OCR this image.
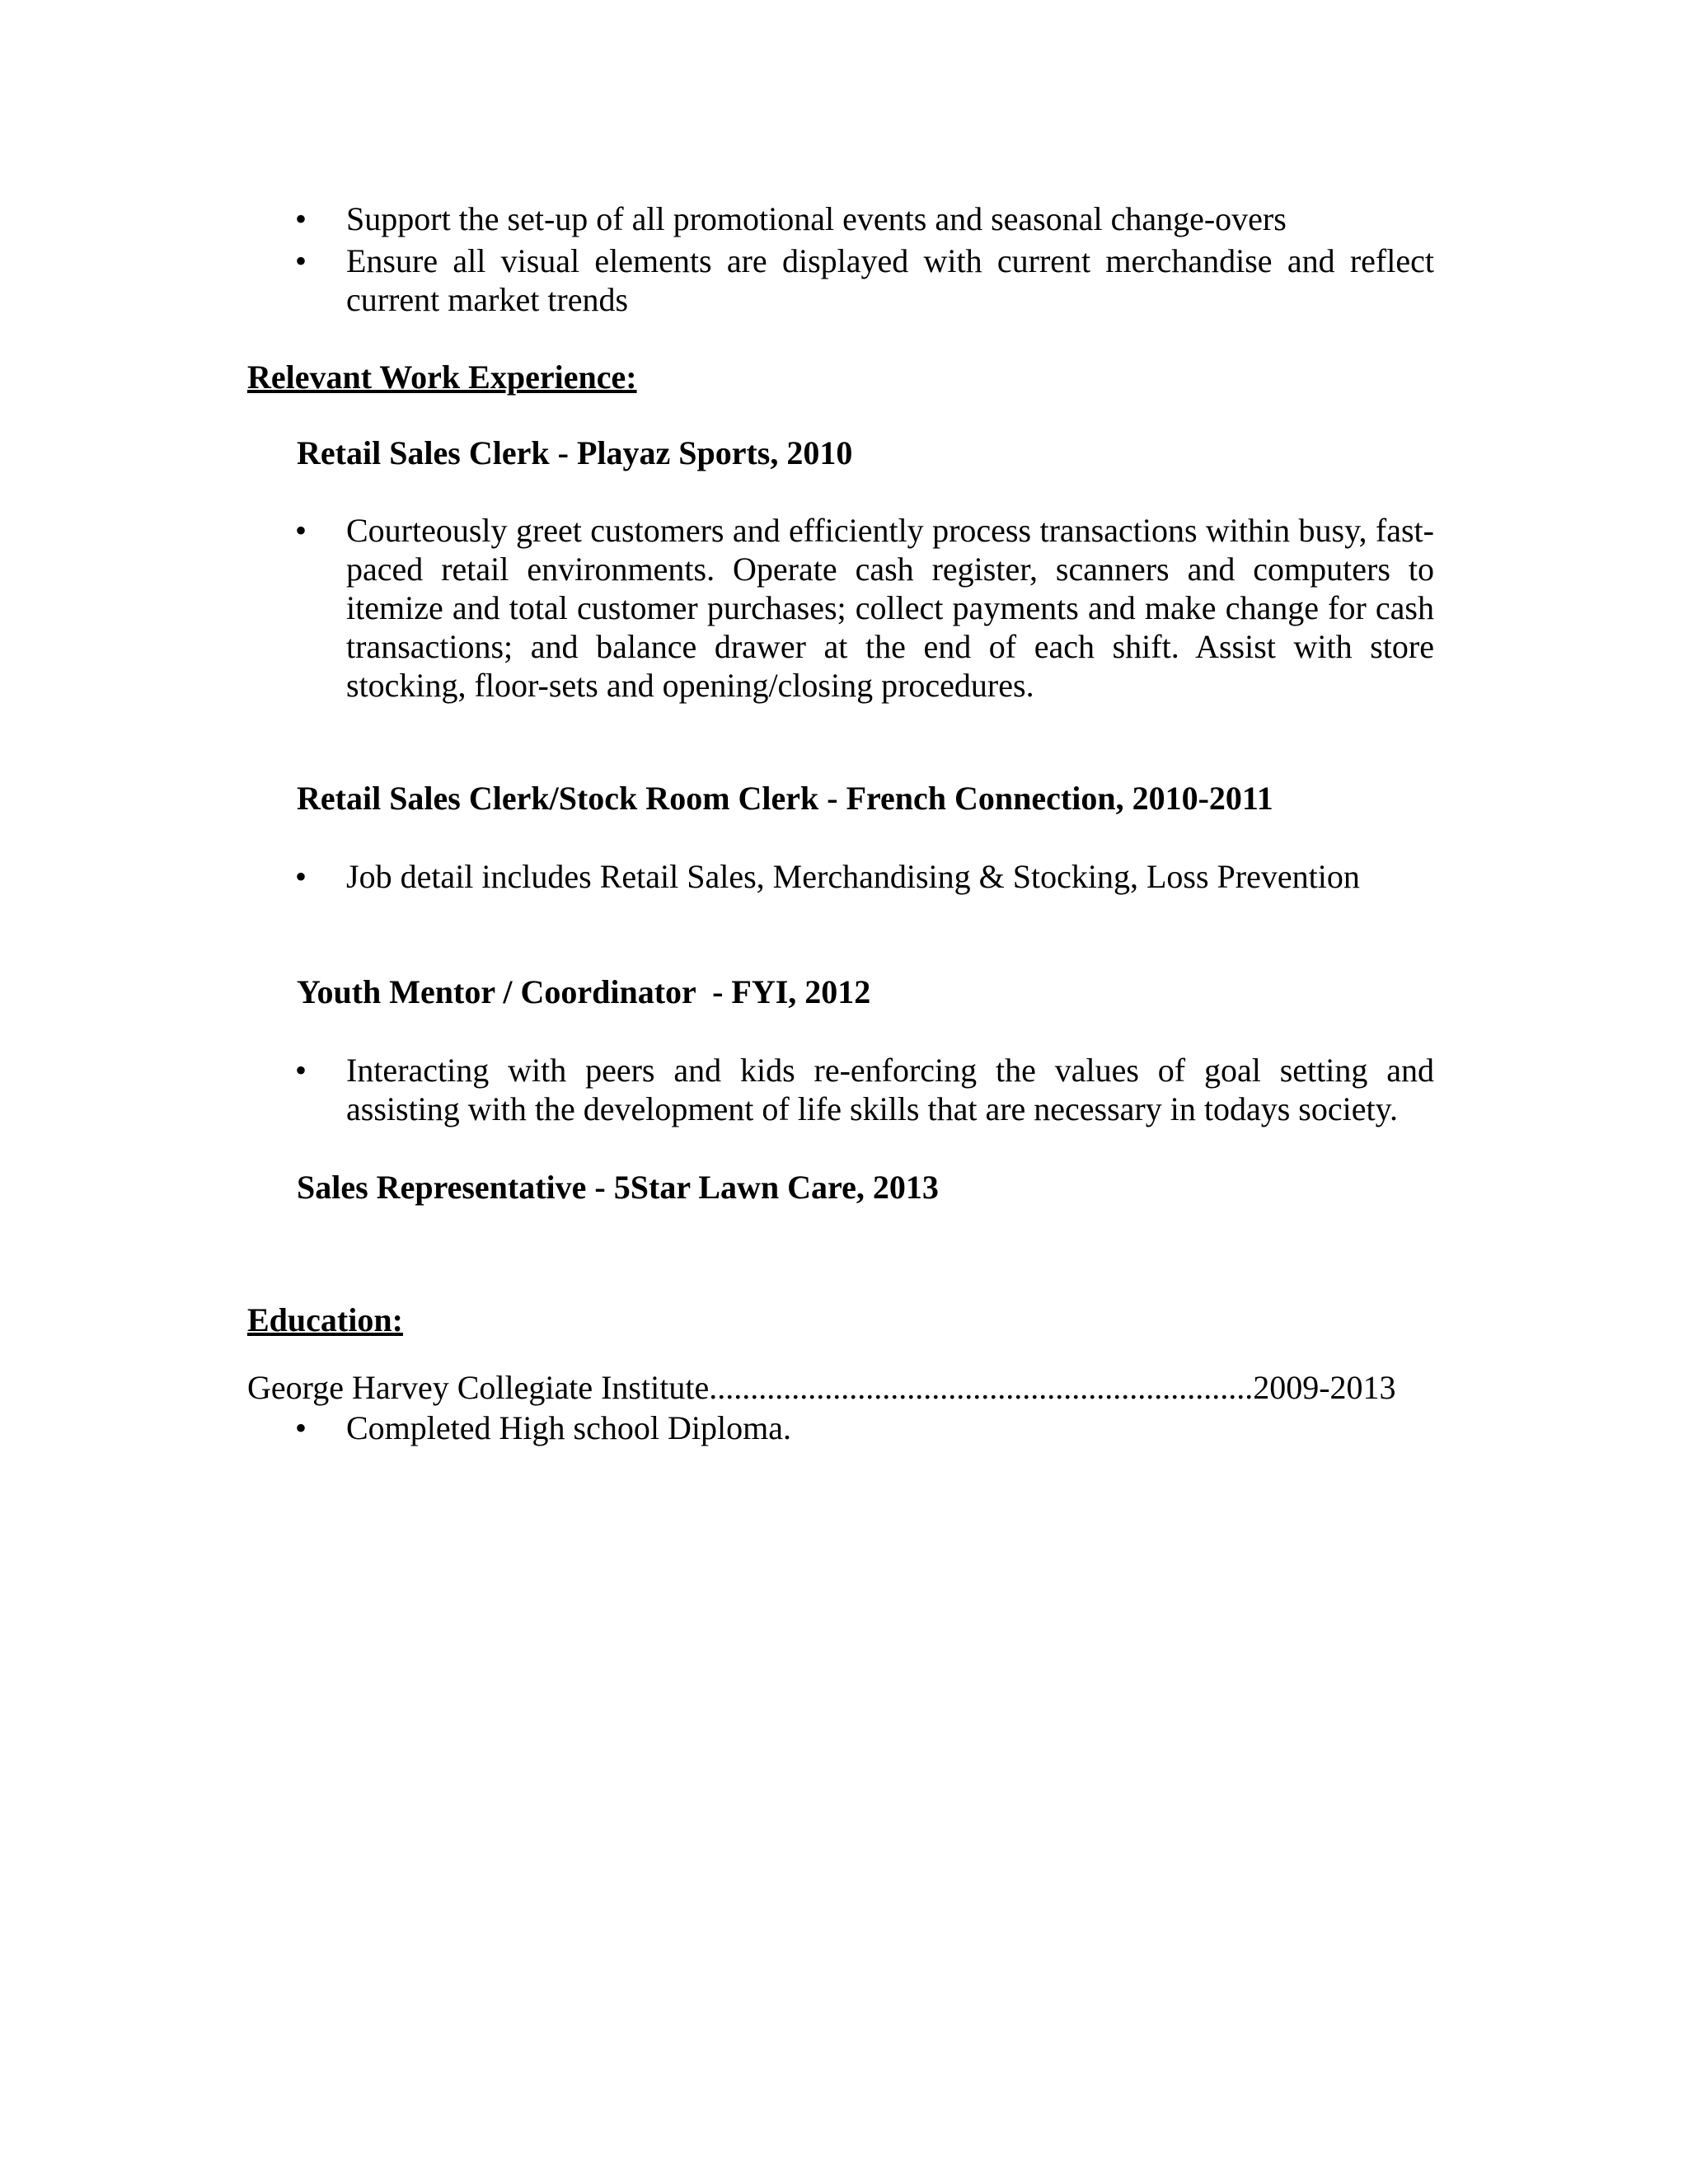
• Support the set-up of all promotional events and seasonal change-overs
• Ensure all visual elements are displayed with current merchandise and reflect current market trends
Relevant Work Experience:
Retail Sales Clerk - Playaz Sports, 2010
• Courteously greet customers and efficiently process transactions within busy, fast-paced retail environments. Operate cash register, scanners and computers to itemize and total customer purchases; collect payments and make change for cash transactions; and balance drawer at the end of each shift. Assist with store stocking, floor-sets and opening/closing procedures.
Retail Sales Clerk/Stock Room Clerk - French Connection, 2010-2011
• Job detail includes Retail Sales, Merchandising & Stocking, Loss Prevention
Youth Mentor / Coordinator  - FYI, 2012
• Interacting with peers and kids re-enforcing the values of goal setting and assisting with the development of life skills that are necessary in todays society.
Sales Representative - 5Star Lawn Care, 2013
Education:
George Harvey Collegiate Institute..................................................................2009-2013
• Completed High school Diploma.
